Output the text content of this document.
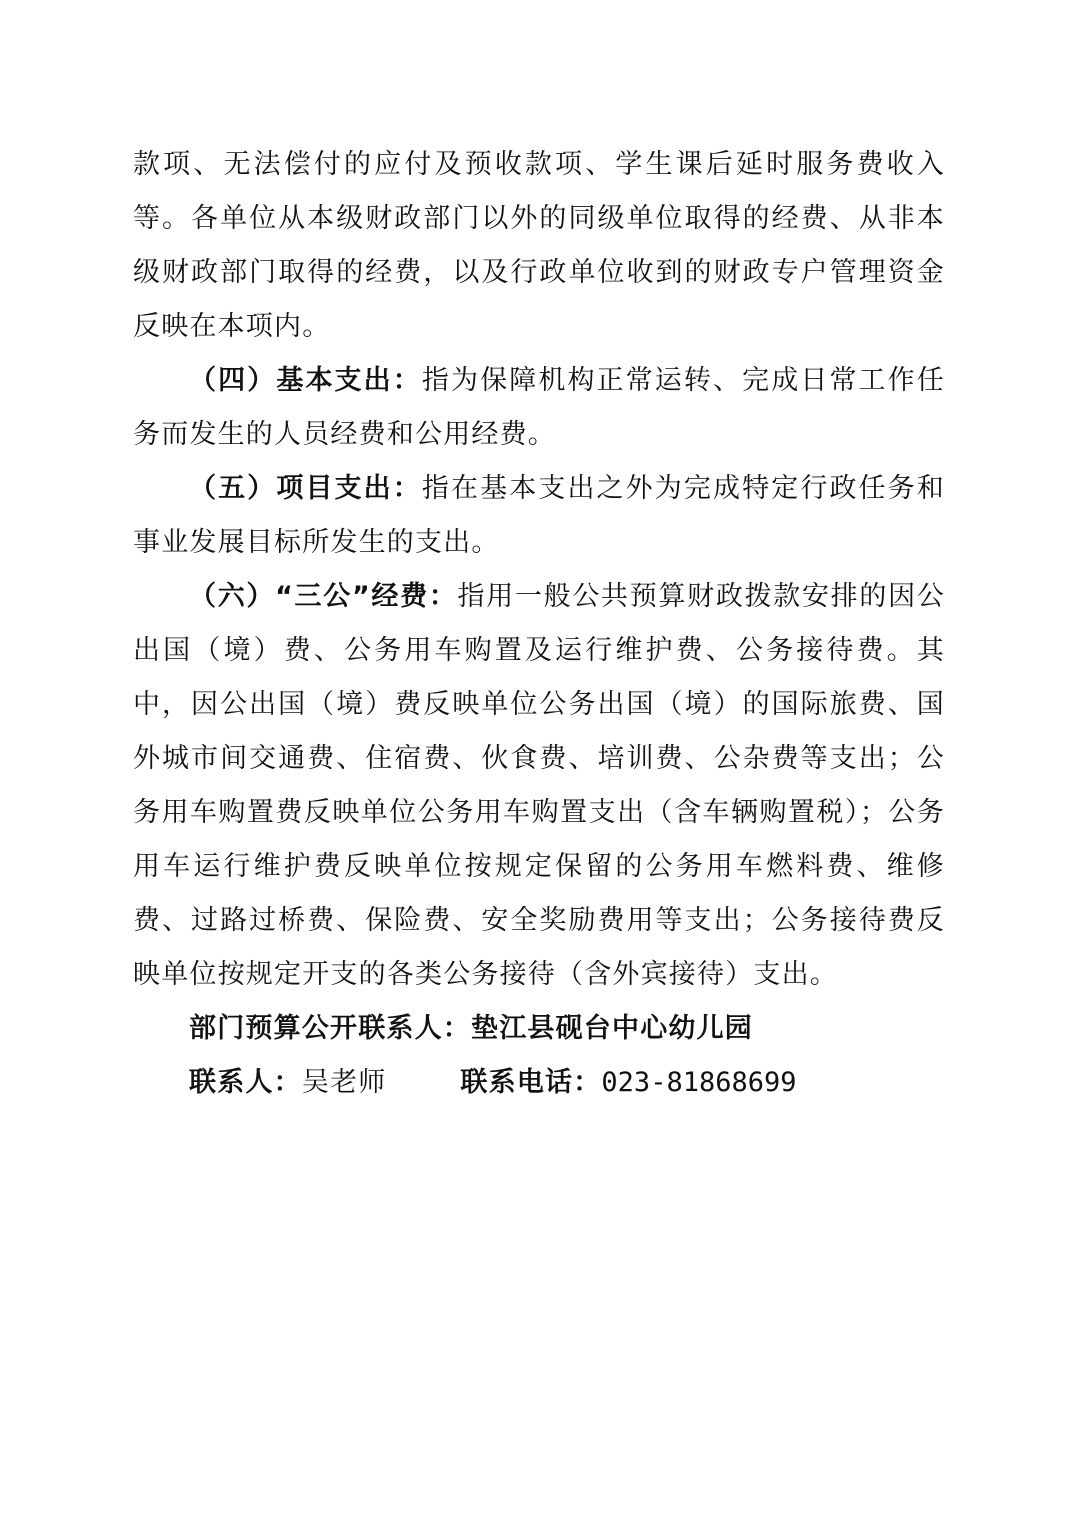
款项、无法偿付的应付及预收款项、学生课后延时服务费收入等。各单位从本级财政部门以外的同级单位取得的经费、从非本级财政部门取得的经费，以及行政单位收到的财政专户管理资金反映在本项内。

（四）基本支出：指为保障机构正常运转、完成日常工作任务而发生的人员经费和公用经费。

（五）项目支出：指在基本支出之外为完成特定行政任务和事业发展目标所发生的支出。

（六）“三公”经费：指用一般公共预算财政拨款安排的因公出国（境）费、公务用车购置及运行维护费、公务接待费。其中，因公出国（境）费反映单位公务出国（境）的国际旅费、国外城市间交通费、住宿费、伙食费、培训费、公杂费等支出；公务用车购置费反映单位公务用车购置支出（含车辆购置税）；公务用车运行维护费反映单位按规定保留的公务用车燃料费、维修费、过路过桥费、保险费、安全奖励费用等支出；公务接待费反映单位按规定开支的各类公务接待（含外宾接待）支出。

部门预算公开联系人：垫江县砚台中心幼儿园

联系人：吴老师	联系电话：023-81868699
